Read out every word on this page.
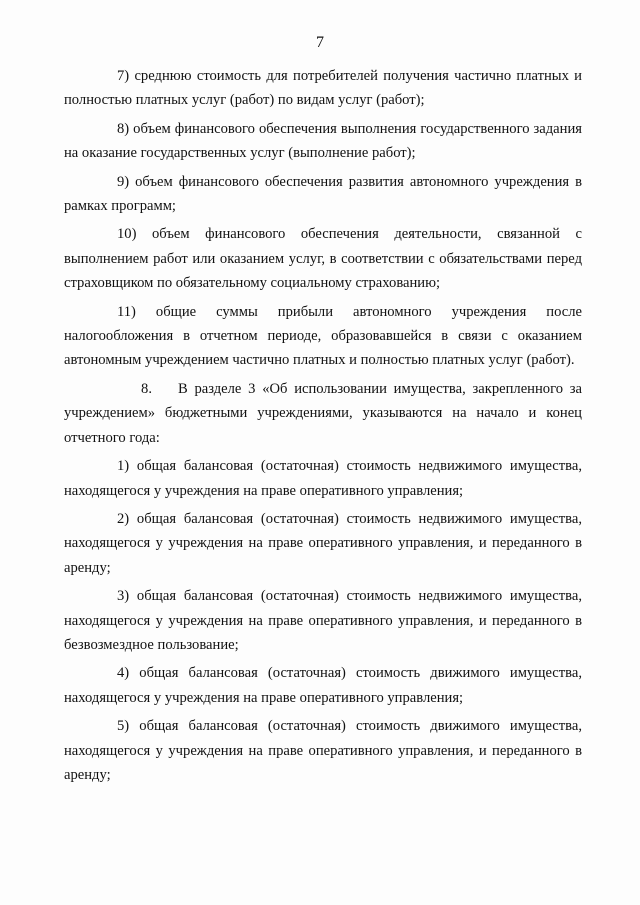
7

7) среднюю стоимость для потребителей получения частично платных и полностью платных услуг (работ) по видам услуг (работ);

8) объем финансового обеспечения выполнения государственного задания на оказание государственных услуг (выполнение работ);

9) объем финансового обеспечения развития автономного учреждения в рамках программ;

10) объем финансового обеспечения деятельности, связанной с выполнением работ или оказанием услуг, в соответствии с обязательствами перед страховщиком по обязательному социальному страхованию;

11) общие суммы прибыли автономного учреждения после налогообложения в отчетном периоде, образовавшейся в связи с оказанием автономным учреждением частично платных и полностью платных услуг (работ).

8. В разделе 3 «Об использовании имущества, закрепленного за учреждением» бюджетными учреждениями, указываются на начало и конец отчетного года:

1) общая балансовая (остаточная) стоимость недвижимого имущества, находящегося у учреждения на праве оперативного управления;

2) общая балансовая (остаточная) стоимость недвижимого имущества, находящегося у учреждения на праве оперативного управления, и переданного в аренду;

3) общая балансовая (остаточная) стоимость недвижимого имущества, находящегося у учреждения на праве оперативного управления, и переданного в безвозмездное пользование;

4) общая балансовая (остаточная) стоимость движимого имущества, находящегося у учреждения на праве оперативного управления;

5) общая балансовая (остаточная) стоимость движимого имущества, находящегося у учреждения на праве оперативного управления, и переданного в аренду;
